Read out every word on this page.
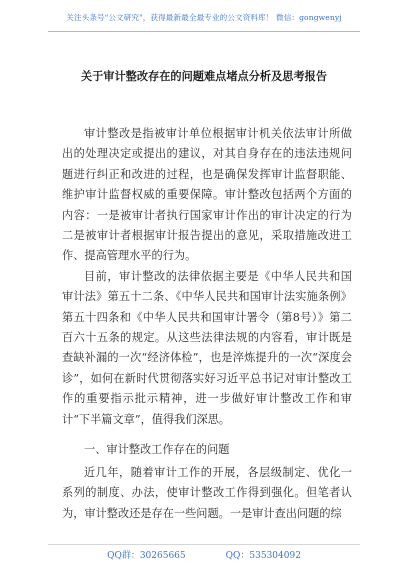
关注头条号"公文研究"，获得最新最全最专业的公文资料库！ 微信：gongwenyj
关于审计整改存在的问题难点堵点分析及思考报告

审计整改是指被审计单位根据审计机关依法审计所做出的处理决定或提出的建议，对其自身存在的违法违规问题进行纠正和改进的过程，也是确保发挥审计监督职能、维护审计监督权威的重要保障。审计整改包括两个方面的内容：一是被审计者执行国家审计作出的审计决定的行为二是被审计者根据审计报告提出的意见，采取措施改进工作、提高管理水平的行为。

目前，审计整改的法律依据主要是《中华人民共和国审计法》第五十二条、《中华人民共和国审计法实施条例》第五十四条和《中华人民共和国审计署令（第8号）》第二百六十五条的规定。从这些法律法规的内容看，审计既是查缺补漏的一次“经济体检”，也是淬炼提升的一次“深度会诊”，如何在新时代贯彻落实好习近平总书记对审计整改工作的重要指示批示精神，进一步做好审计整改工作和审计“下半篇文章”，值得我们深思。

一、审计整改工作存在的问题

近几年，随着审计工作的开展，各层级制定、优化一系列的制度、办法，使审计整改工作得到强化。但笔者认为，审计整改还是存在一些问题。一是审计查出问题的综

QQ群：30265665	QQ：535304092
